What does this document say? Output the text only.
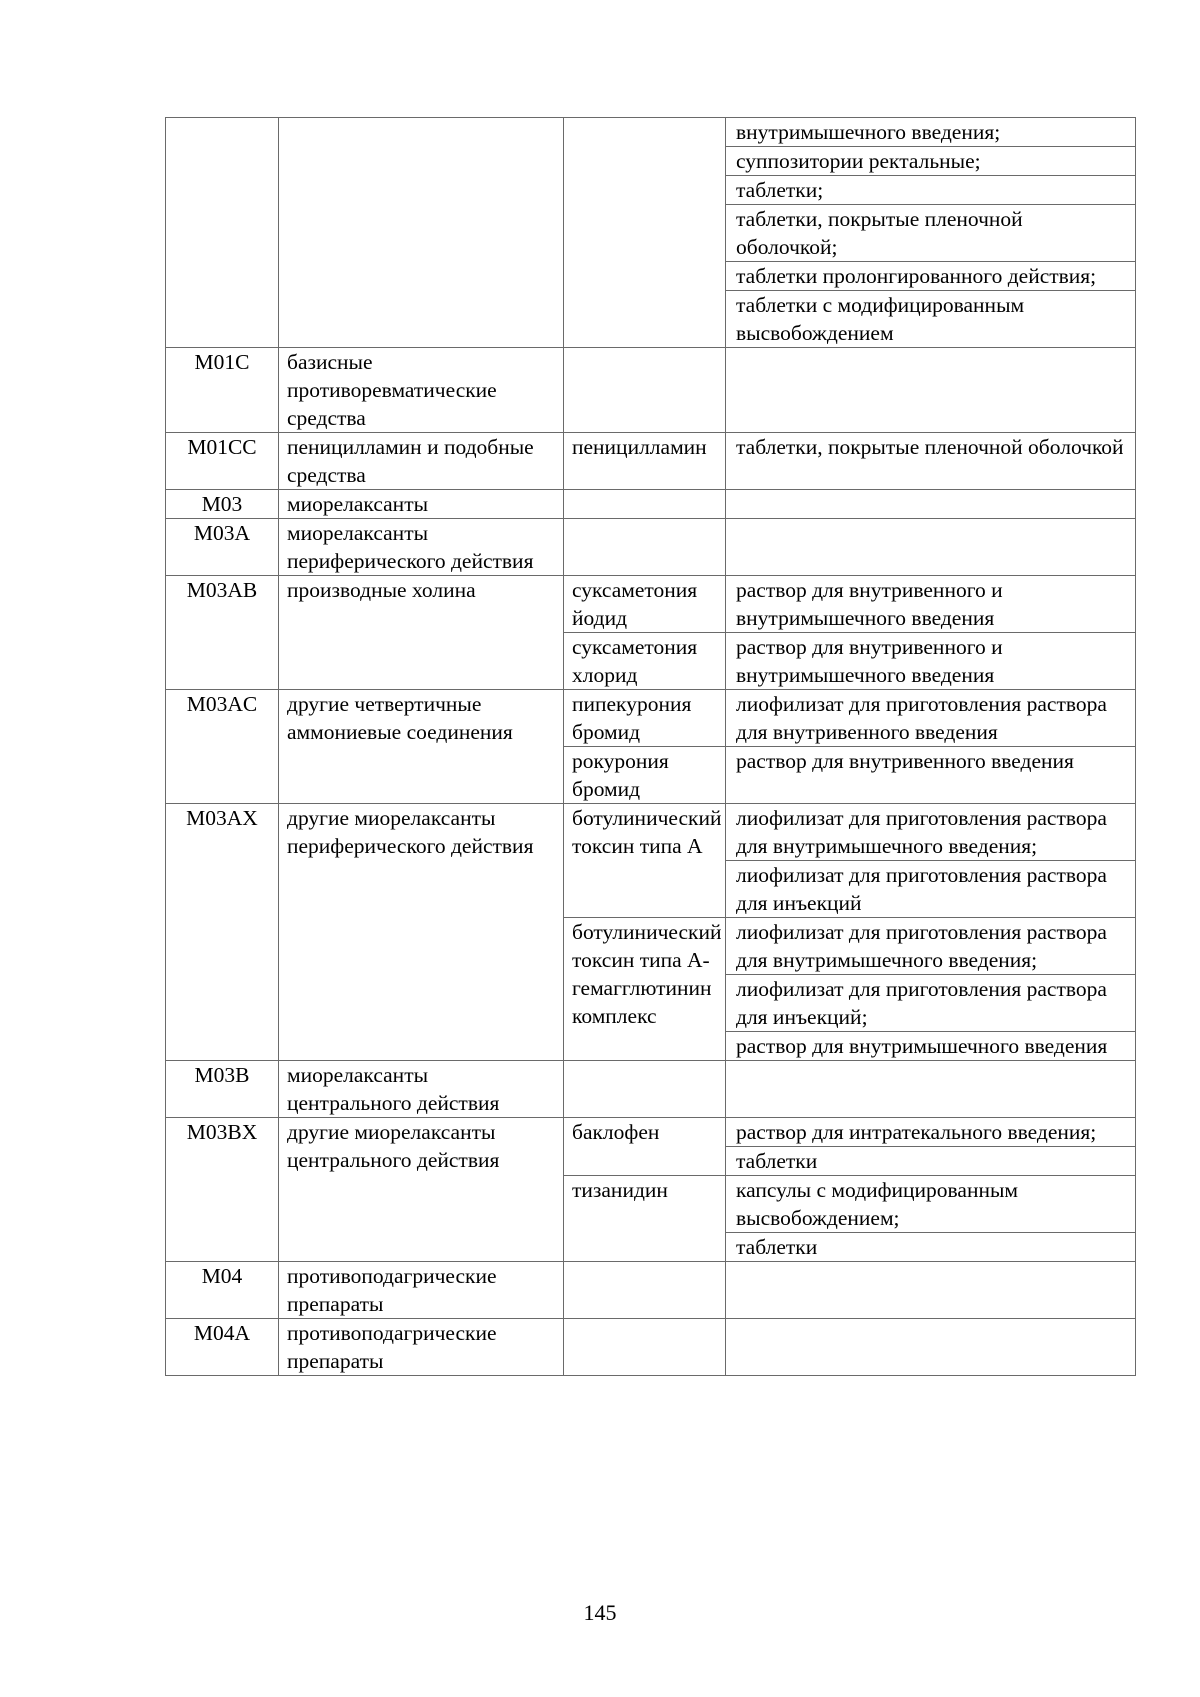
			внутримышечного введения;
			суппозитории ректальные;
			таблетки;
			таблетки, покрытые пленочной оболочкой;
			таблетки пролонгированного действия;
			таблетки с модифицированным высвобождением
M01C	базисные противоревматические средства		
M01CC	пеницилламин и подобные средства	пеницилламин	таблетки, покрытые пленочной оболочкой
M03	миорелаксанты		
M03A	миорелаксанты периферического действия		
M03AB	производные холина	суксаметония йодид	раствор для внутривенного и внутримышечного введения
		суксаметония хлорид	раствор для внутривенного и внутримышечного введения
M03AC	другие четвертичные аммониевые соединения	пипекурония бромид	лиофилизат для приготовления раствора для внутривенного введения
		рокурония бромид	раствор для внутривенного введения
M03AX	другие миорелаксанты периферического действия	ботулинический токсин типа А	лиофилизат для приготовления раствора для внутримышечного введения;
			лиофилизат для приготовления раствора для инъекций
		ботулинический токсин типа А-гемагглютинин комплекс	лиофилизат для приготовления раствора для внутримышечного введения;
			лиофилизат для приготовления раствора для инъекций;
			раствор для внутримышечного введения
M03B	миорелаксанты центрального действия		
M03BX	другие миорелаксанты центрального действия	баклофен	раствор для интратекального введения;
			таблетки
		тизанидин	капсулы с модифицированным высвобождением;
			таблетки
M04	противоподагрические препараты		
M04A	противоподагрические препараты		
145
